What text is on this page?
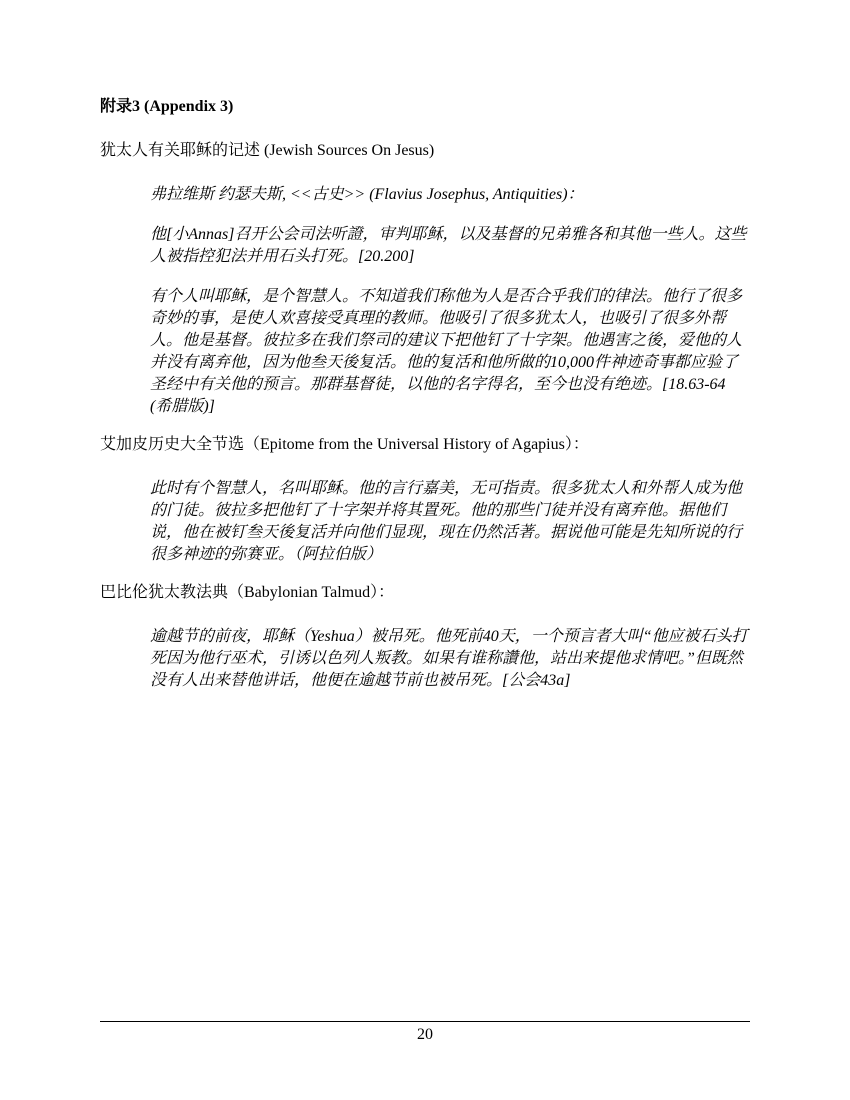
附录3 (Appendix 3)

犹太人有关耶稣的记述 (Jewish Sources On Jesus)

弗拉维斯 约瑟夫斯, <<古史>> (Flavius Josephus, Antiquities)：

他[小Annas]召开公会司法听證，审判耶稣，以及基督的兄弟雅各和其他一些人。这些人被指控犯法并用石头打死。[20.200]

有个人叫耶稣，是个智慧人。不知道我们称他为人是否合乎我们的律法。他行了很多奇妙的事，是使人欢喜接受真理的教师。他吸引了很多犹太人，也吸引了很多外帮人。他是基督。彼拉多在我们祭司的建议下把他钉了十字架。他遇害之後，爱他的人并没有离弃他，因为他叁天後复活。他的复活和他所做的10,000件神迹奇事都应验了圣经中有关他的预言。那群基督徒，以他的名字得名，至今也没有绝迹。[18.63-64 (希腊版)]

艾加皮历史大全节选（Epitome from the Universal History of Agapius）：

此时有个智慧人，名叫耶稣。他的言行嘉美，无可指责。很多犹太人和外帮人成为他的门徒。彼拉多把他钉了十字架并将其置死。他的那些门徒并没有离弃他。据他们说，他在被钉叁天後复活并向他们显现，现在仍然活著。据说他可能是先知所说的行很多神迹的弥赛亚。（阿拉伯版）

巴比伦犹太教法典（Babylonian Talmud）：

逾越节的前夜，耶稣（Yeshua）被吊死。他死前40天，一个预言者大叫“他应被石头打死因为他行巫术，引诱以色列人叛教。如果有谁称讚他，站出来提他求情吧。”但既然没有人出来替他讲话，他便在逾越节前也被吊死。[公会43a]

20
